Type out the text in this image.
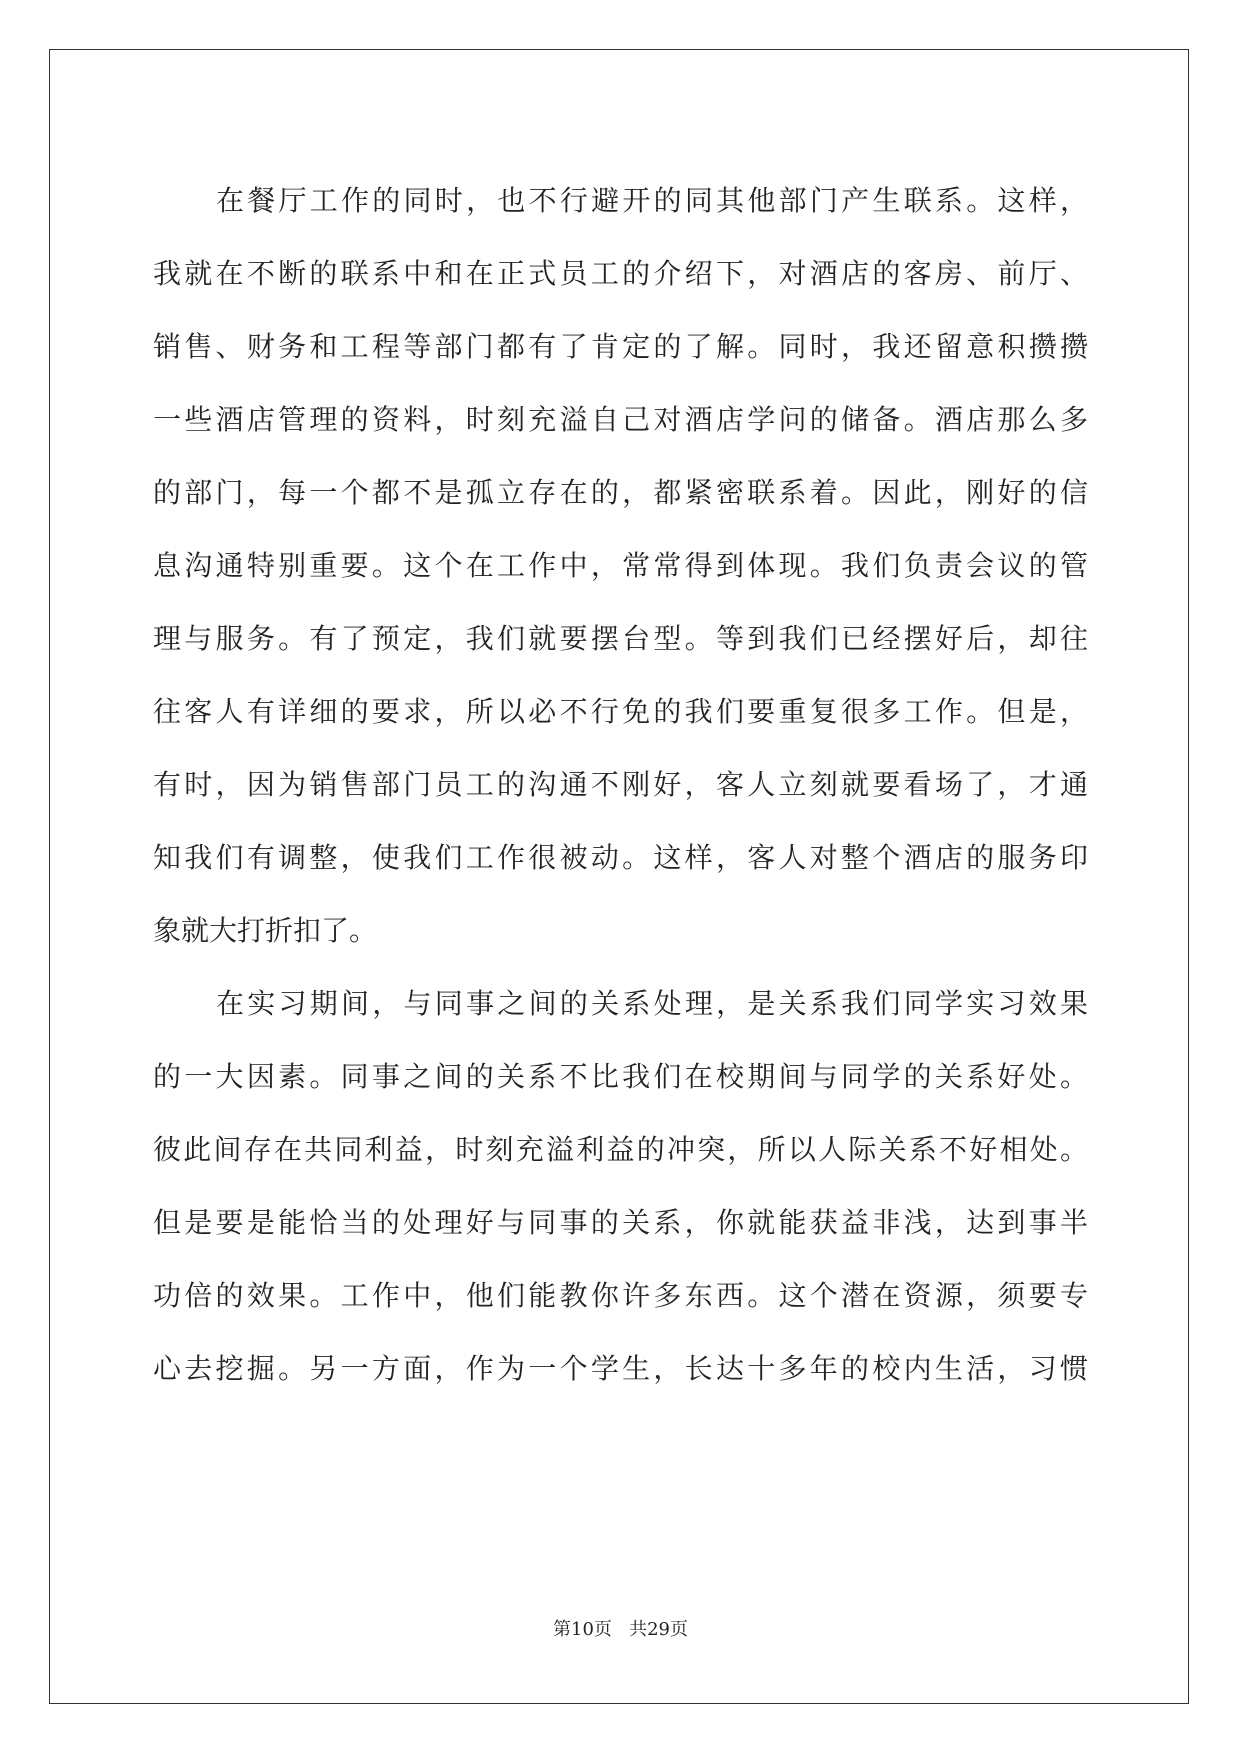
在餐厅工作的同时，也不行避开的同其他部门产生联系。这样，
我就在不断的联系中和在正式员工的介绍下，对酒店的客房、前厅、
销售、财务和工程等部门都有了肯定的了解。同时，我还留意积攒攒
一些酒店管理的资料，时刻充溢自己对酒店学问的储备。酒店那么多
的部门，每一个都不是孤立存在的，都紧密联系着。因此，刚好的信
息沟通特别重要。这个在工作中，常常得到体现。我们负责会议的管
理与服务。有了预定，我们就要摆台型。等到我们已经摆好后，却往
往客人有详细的要求，所以必不行免的我们要重复很多工作。但是，
有时，因为销售部门员工的沟通不刚好，客人立刻就要看场了，才通
知我们有调整，使我们工作很被动。这样，客人对整个酒店的服务印
象就大打折扣了。
在实习期间，与同事之间的关系处理，是关系我们同学实习效果
的一大因素。同事之间的关系不比我们在校期间与同学的关系好处。
彼此间存在共同利益，时刻充溢利益的冲突，所以人际关系不好相处。
但是要是能恰当的处理好与同事的关系，你就能获益非浅，达到事半
功倍的效果。工作中，他们能教你许多东西。这个潜在资源，须要专
心去挖掘。另一方面，作为一个学生，长达十多年的校内生活，习惯
第10页   共29页
